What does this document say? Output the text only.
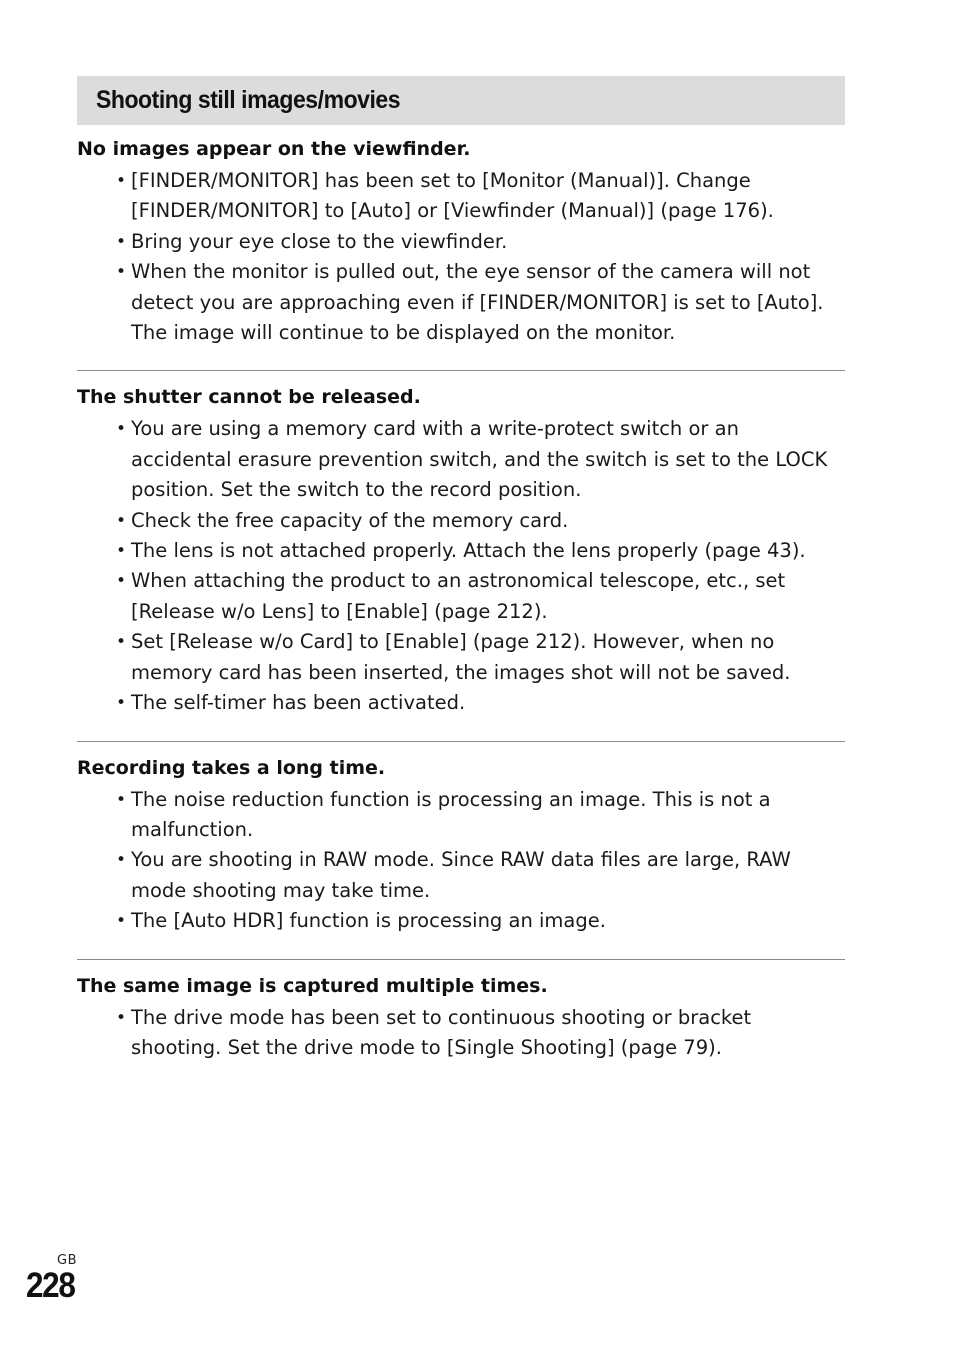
Shooting still images/movies
No images appear on the viewfinder.
• [FINDER/MONITOR] has been set to [Monitor (Manual)]. Change [FINDER/MONITOR] to [Auto] or [Viewfinder (Manual)] (page 176).
• Bring your eye close to the viewfinder.
• When the monitor is pulled out, the eye sensor of the camera will not detect you are approaching even if [FINDER/MONITOR] is set to [Auto]. The image will continue to be displayed on the monitor.
The shutter cannot be released.
• You are using a memory card with a write-protect switch or an accidental erasure prevention switch, and the switch is set to the LOCK position. Set the switch to the record position.
• Check the free capacity of the memory card.
• The lens is not attached properly. Attach the lens properly (page 43).
• When attaching the product to an astronomical telescope, etc., set [Release w/o Lens] to [Enable] (page 212).
• Set [Release w/o Card] to [Enable] (page 212). However, when no memory card has been inserted, the images shot will not be saved.
• The self-timer has been activated.
Recording takes a long time.
• The noise reduction function is processing an image. This is not a malfunction.
• You are shooting in RAW mode. Since RAW data files are large, RAW mode shooting may take time.
• The [Auto HDR] function is processing an image.
The same image is captured multiple times.
• The drive mode has been set to continuous shooting or bracket shooting. Set the drive mode to [Single Shooting] (page 79).
GB
228
